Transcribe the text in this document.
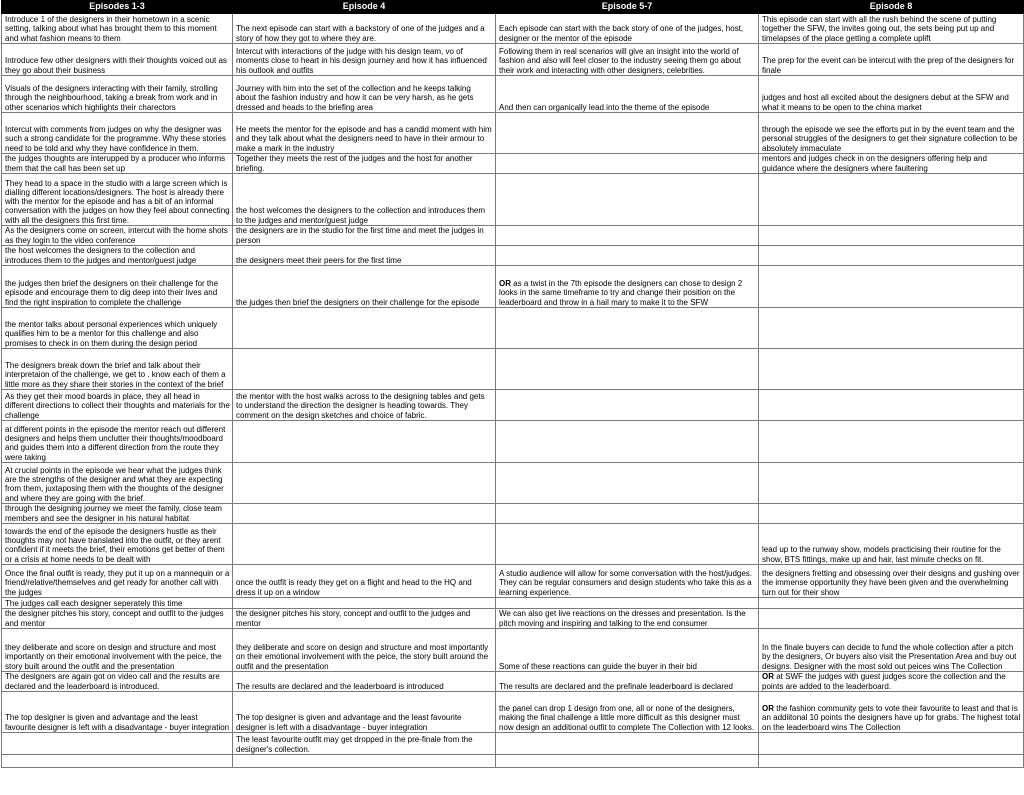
Episodes 1-3	Episode 4	Episode 5-7	Episode 8
Introduce 1 of the designers in their hometown in a scenic setting, talking about what has brought them to this moment and what fashion means to them	The next episode can start with a backstory of one of the judges and a story of how they got to where they are.	Each episode can start with the back story of one of the judges, host, designer or the mentor of the episode	This episode can start with all the rush behind the scene of putting together the SFW, the invites going out, the sets being put up and timelapses of the place getting a complete uplift
Introduce few other designers with their thoughts voiced out as they go about their business	Intercut with interactions of the judge with his design team, vo of moments close to heart in his design journey and how it has influenced his outlook and outfits	Following them in real scenarios will give an insight into the world of fashion and also will feel closer to the industry seeing them go about their work and interacting with other designers, celebrities.	The prep for the event can be intercut with the prep of the designers for finale
Visuals of the designers interacting with their family, strolling through the neighbourhood, taking a break from work and in other scenarios which highlights their charectors	Journey with him into the set of the collection and he keeps talking about the fashion industry and how it can be very harsh, as he gets dressed and heads to the briefing area	And then can organically lead into the theme of the episode	judges and host all excited about the designers debut at the SFW and what it means to be open to the china market
Intercut with comments from judges on why the designer was such a strong candidate for the programme. Why these stories need to be told and why they have confidence in them.	He meets the mentor for the episode and has a candid moment with him and they talk about what the designers need to have in their armour to make a mark in the industry		through the episode we see the efforts put in by the event team and the personal struggles of the designers to get their signature collection to be absolutely immaculate
the judges thoughts are interupped by a producer who informs them that the call has been set up	Together they meets the rest of the judges and the host for another briefing.		mentors and judges check in on the designers offering help and guidance where the designers where faultering
They head to a space in the studio with a large screen which is dialling different locations/designers. The host is already there with the mentor for the episode and has a bit of an informal conversation with the judges on how they feel about connecting with all the designers this first time.	the host welcomes the designers to the collection and introduces them to the judges and mentor/guest judge		
As the designers come on screen, intercut with the home shots as they login to the video conference	the designers are in the studio for the first time and meet the judges in person		
the host welcomes the designers to the collection and introduces them to the judges and mentor/guest judge	the designers meet their peers for the first time		
the judges then brief the designers on their challenge for the episode and encourage them to dig deep into their lives and find the right inspiration to complete the challenge	the judges then brief the designers on their challenge for the episode	OR as a twist in the 7th episode the designers can chose to design 2 looks in the same timeframe to try and change their position on the leaderboard and throw in a hail mary to make it to the SFW	
the mentor talks about personal experiences which uniquely qualifies him to be a mentor for this challenge and also promises to check in on them during the design period			
The designers break down the brief and talk about their interpretaion of the challenge, we get to . know each of them a little more as they share their stories in the context of the brief			
As they get their mood boards in place, they all head in different directions to collect their thoughts and materials for the challenge	the mentor with the host walks across to the designing tables and gets to understand the direction the designer is heading towards. They comment on the design sketches and choice of fabric.		
at different points in the episode the mentor reach out different designers and helps them unclutter their thoughts/moodboard and guides them into a different direction from the route they were taking			
At crucial points in the episode we hear what the judges think are the strengths of the designer and what they are expecting from them, juxtaposing them with the thoughts of the designer and where they are going with the brief.			
through the designing journey we meet the family, close team members and see the designer in his natural habitat			
towards the end of the episode the designers hustle as their thoughts may not have translated into the outfit, or they arent confident if it meets the brief, their emotions get better of them or a crisis at home needs to be dealt with			lead up to the runway show, models practicising their routine for the show, BTS fittings, make up and hair, last minute checks on fit.
Once the final outfit is ready, they put it up on a mannequin or a friend/relative/themselves and get ready for another call with the judges	once the outfit is ready they get on a flight and head to the HQ and dress it up on a window	A studio audience will allow for some conversation with the host/judges. They can be regular consumers and design students who take this as a learning experience.	the designers fretting and obsessing over their designs and gushing over the immense opportunity they have been given and the overwhelming turn out for their show
The judges call each designer seperately this time			
the designer pitches his story, concept and outfit to the judges and mentor	the designer pitches his story, concept and outfit to the judges and mentor	We can also get live reactions on the dresses and presentation. Is the pitch moving and inspiring and talking to the end consumer	
they deliberate and score on design and structure and most importantly on their emotional involvement with the peice, the story built around the outfit and the presentation	they deliberate and score on design and structure and most importantly on their emotional involvement with the peice, the story built around the outfit and the presentation	Some of these reactions can guide the buyer in their bid	In the finale buyers can decide to fund the whole collection after a pitch by the designers, Or buyers also visit the Presentation Area and buy out designs. Designer with the most sold out peices wins The Collection
The designers are again got on video call and the results are declared and the leaderboard is introduced.	The results are declared and the leaderboard is introduced	The results are declared and the prefinale leaderboard is declared	OR at SWF the judges with guest judges score the collection and the points are added to the leaderboard.
The top designer is given and advantage and the least favourite designer is left with a disadvantage - buyer integration	The top designer is given and advantage and the least favourite designer is left with a disadvantage - buyer integration	the panel can drop 1 design from one, all or none of the designers, making the final challenge a little more difficult as this designer must now design an additional outfit to complete The Collection with 12 looks.	OR the fashion community gets to vote their favourite to least and that is an addiitonal 10 points the designers have up for grabs. The highest total on the leaderboard wins The Collection
	The least favourite outfit may get dropped in the pre-finale from the designer's collection.		
